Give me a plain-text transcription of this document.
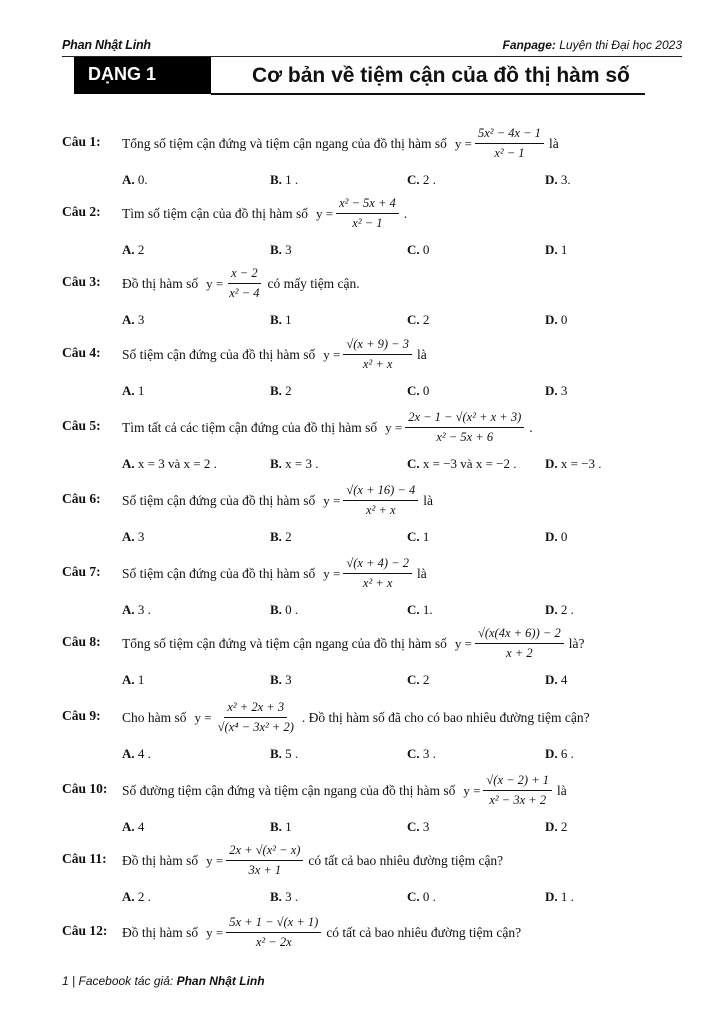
Phan Nhật Linh	Fanpage: Luyện thi Đại học 2023
DẠNG 1	Cơ bản về tiệm cận của đồ thị hàm số
Câu 1: Tổng số tiệm cận đứng và tiệm cận ngang của đồ thị hàm số $y = \frac{\text{5x² − 4x − 1}}{\text{x² − 1}}$ là
A. 0.	B. 1 .	C. 2 .	D. 3.
Câu 2: Tìm số tiệm cận của đồ thị hàm số $y = \frac{\text{x² − 5x + 4}}{\text{x² − 1}}$ .
A. 2	B. 3	C. 0	D. 1
Câu 3: Đồ thị hàm số $y = \frac{x - 2}{\text{x² − 4}}$ có mấy tiệm cận.
A. 3	B. 1	C. 2	D. 0
Câu 4: Số tiệm cận đứng của đồ thị hàm số $y = \frac{√(x + 9) - 3}{\text{x² + x}}$ là
A. 1	B. 2	C. 0	D. 3
Câu 5: Tìm tất cả các tiệm cận đứng của đồ thị hàm số $y = \frac{\text{2x − 1 − √(x² + x + 3)}}{\text{x² − 5x + 6}}$ .
A. x = 3 và x = 2 .	B. x = 3 .	C. x = −3 và x = −2 . D. x = −3 .
Câu 6: Số tiệm cận đứng của đồ thị hàm số $y = \frac{√(x + 16) - 4}{\text{x² + x}}$ là
A. 3	B. 2	C. 1	D. 0
Câu 7: Số tiệm cận đứng của đồ thị hàm số $y = \frac{√(x + 4) - 2}{\text{x² + x}}$ là
A. 3 .	B. 0 .	C. 1.	D. 2 .
Câu 8: Tổng số tiệm cận đứng và tiệm cận ngang của đồ thị hàm số $y = \frac{√(x(4x + 6)) - 2}{x + 2}$ là?
A. 1	B. 3	C. 2	D. 4
Câu 9: Cho hàm số $y = \frac{\text{x² + 2x + 3}}{\text{√(x⁴ − 3x² + 2)}}$ . Đồ thị hàm số đã cho có bao nhiêu đường tiệm cận?
A. 4 .	B. 5 .	C. 3 .	D. 6 .
Câu 10: Số đường tiệm cận đứng và tiệm cận ngang của đồ thị hàm số $y = \frac{√(x - 2) + 1}{\text{x² − 3x + 2}}$ là
A. 4	B. 1	C. 3	D. 2
Câu 11: Đồ thị hàm số $y = \frac{\text{2x + √(x² − x)}}{3x + 1}$ có tất cả bao nhiêu đường tiệm cận?
A. 2 .	B. 3 .	C. 0 .	D. 1 .
Câu 12: Đồ thị hàm số $y = \frac{5x + 1 - √(x + 1)}{\text{x² − 2x}}$ có tất cả bao nhiêu đường tiệm cận?
1 | Facebook tác giả: Phan Nhật Linh
